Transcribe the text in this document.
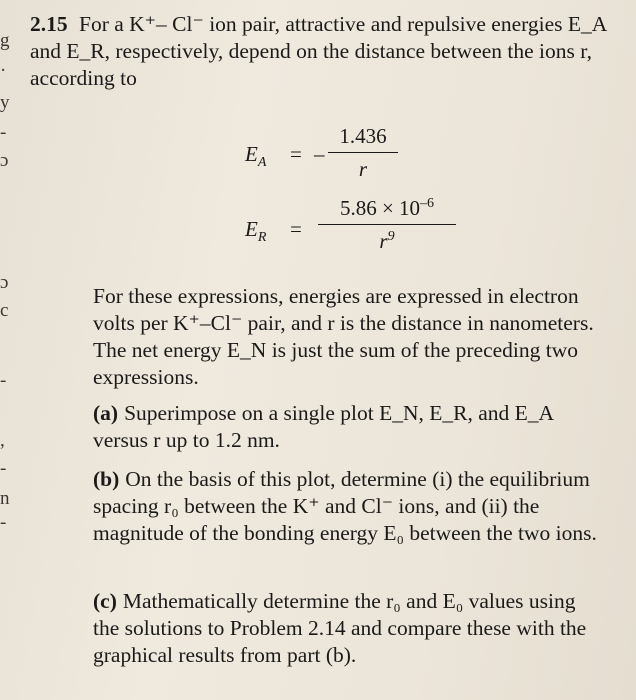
g
·
y
-
ɔ
ɔ
c
-
,
-
n
-
2.15 For a K⁺– Cl⁻ ion pair, attractive and repulsive energies E_A and E_R, respectively, depend on the distance between the ions r, according to
$E_A$ = – $\frac{1.436}{r}$
$E_R = \frac{5.86 \times 10^{-6}}{r^9}$
For these expressions, energies are expressed in electron volts per K⁺–Cl⁻ pair, and r is the distance in nanometers. The net energy E_N is just the sum of the preceding two expressions.
(a) Superimpose on a single plot E_N, E_R, and E_A versus r up to 1.2 nm.
(b) On the basis of this plot, determine (i) the equilibrium spacing r₀ between the K⁺ and Cl⁻ ions, and (ii) the magnitude of the bonding energy E₀ between the two ions.
(c) Mathematically determine the r₀ and E₀ values using the solutions to Problem 2.14 and compare these with the graphical results from part (b).
